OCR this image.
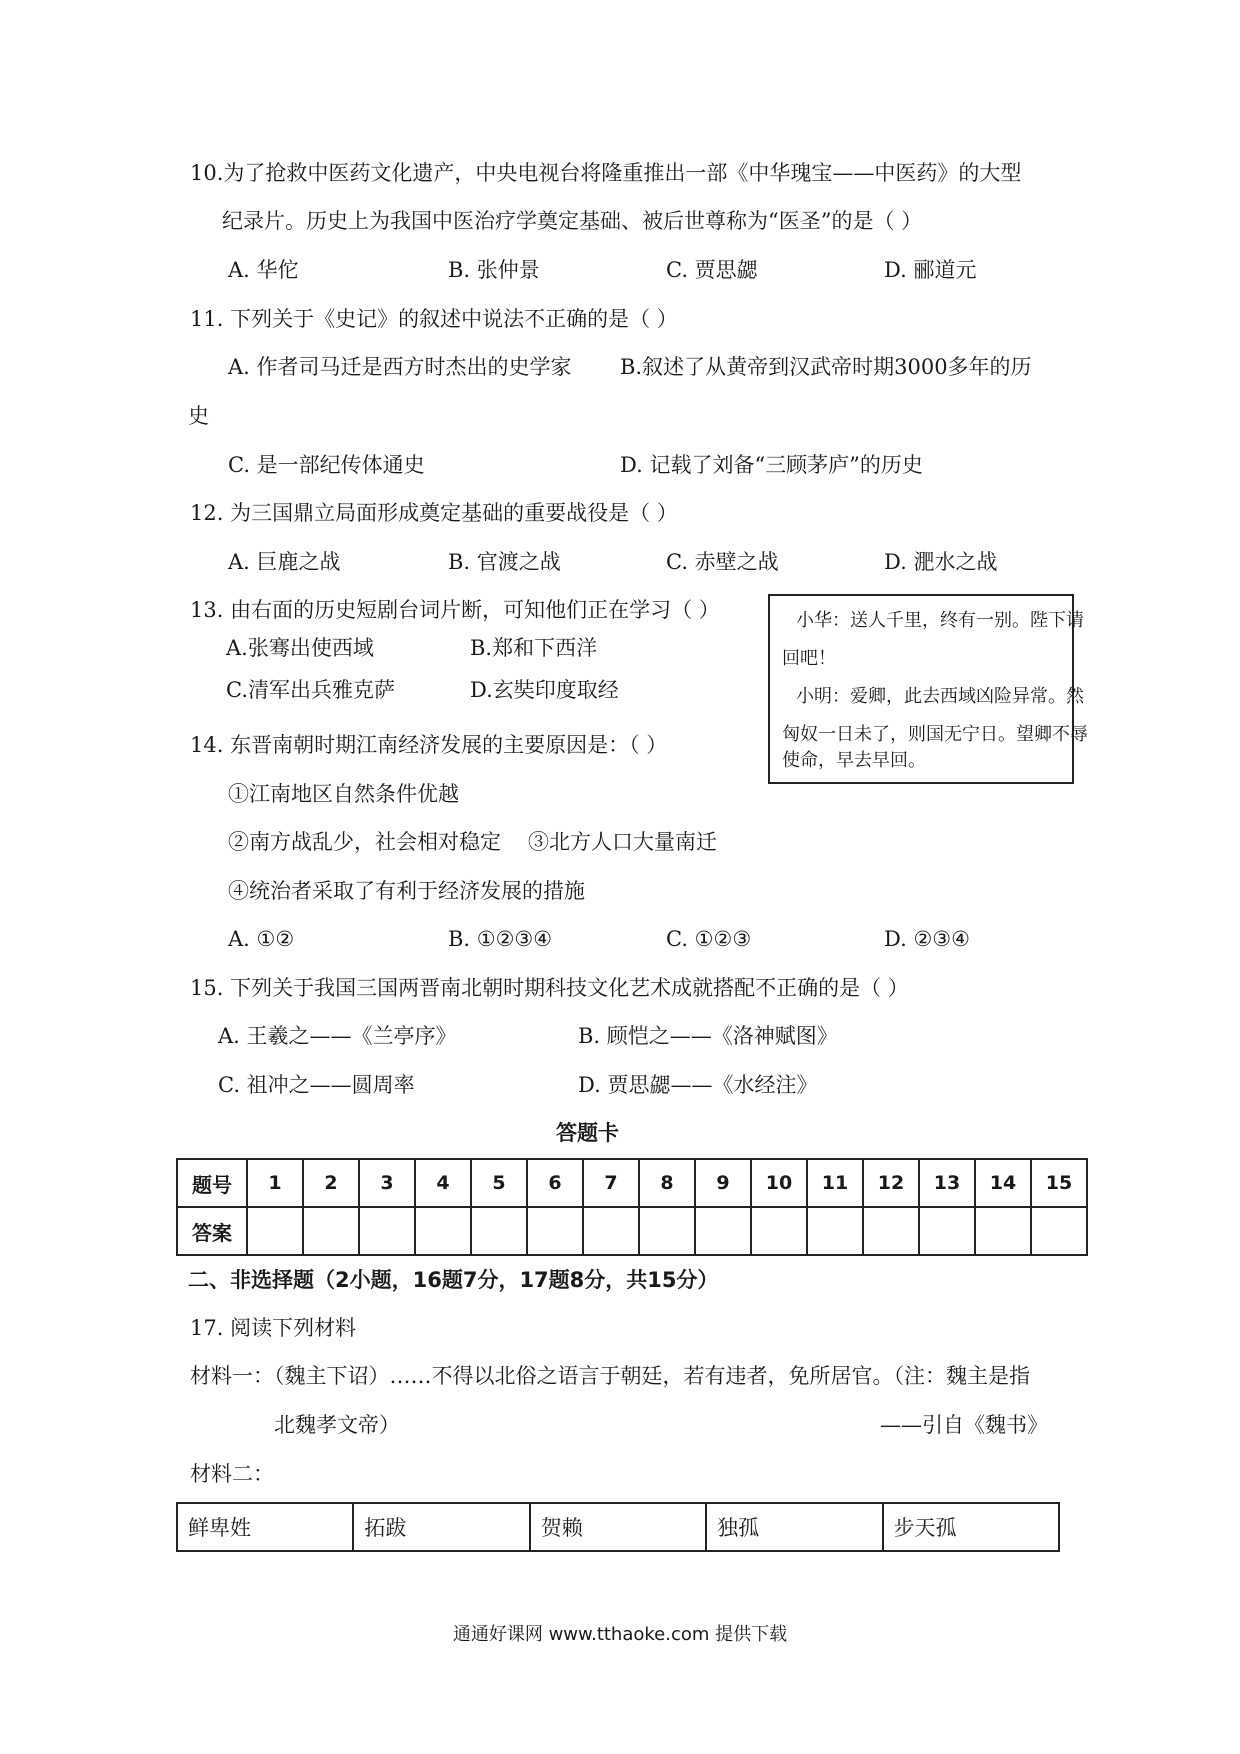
10.为了抢救中医药文化遗产，中央电视台将隆重推出一部《中华瑰宝——中医药》的大型
纪录片。历史上为我国中医治疗学奠定基础、被后世尊称为“医圣”的是（ ）
A. 华佗	B. 张仲景	C. 贾思勰	D. 郦道元
11. 下列关于《史记》的叙述中说法不正确的是（ ）
A. 作者司马迁是西方时杰出的史学家 B.叙述了从黄帝到汉武帝时期3000多年的历
史
C. 是一部纪传体通史	D. 记载了刘备“三顾茅庐”的历史
12. 为三国鼎立局面形成奠定基础的重要战役是（ ）
A. 巨鹿之战	B. 官渡之战	C. 赤壁之战	D. 淝水之战
13. 由右面的历史短剧台词片断，可知他们正在学习（ ）
A.张骞出使西域	B.郑和下西洋
C.清军出兵雅克萨	D.玄奘印度取经
小华：送人千里，终有一别。陛下请
回吧！
小明：爱卿，此去西域凶险异常。然
匈奴一日未了，则国无宁日。望卿不辱
使命，早去早回。
14. 东晋南朝时期江南经济发展的主要原因是：（ ）
①江南地区自然条件优越
②南方战乱少，社会相对稳定 ③北方人口大量南迁
④统治者采取了有利于经济发展的措施
A. ①②	B. ①②③④	C. ①②③	D. ②③④
15. 下列关于我国三国两晋南北朝时期科技文化艺术成就搭配不正确的是（ ）
A. 王羲之——《兰亭序》	B. 顾恺之——《洛神赋图》
C. 祖冲之——圆周率	D. 贾思勰——《水经注》
答题卡
题号	1	2	3	4	5	6	7	8	9	10	11	12	13	14	15
答案															
二、非选择题（2小题，16题7分，17题8分，共15分）
17. 阅读下列材料
材料一：（魏主下诏）……不得以北俗之语言于朝廷，若有违者，免所居官。（注：魏主是指
北魏孝文帝）	——引自《魏书》
材料二：
鲜卑姓	拓跋	贺赖	独孤	步天孤
通通好课网 www.tthaoke.com 提供下载
